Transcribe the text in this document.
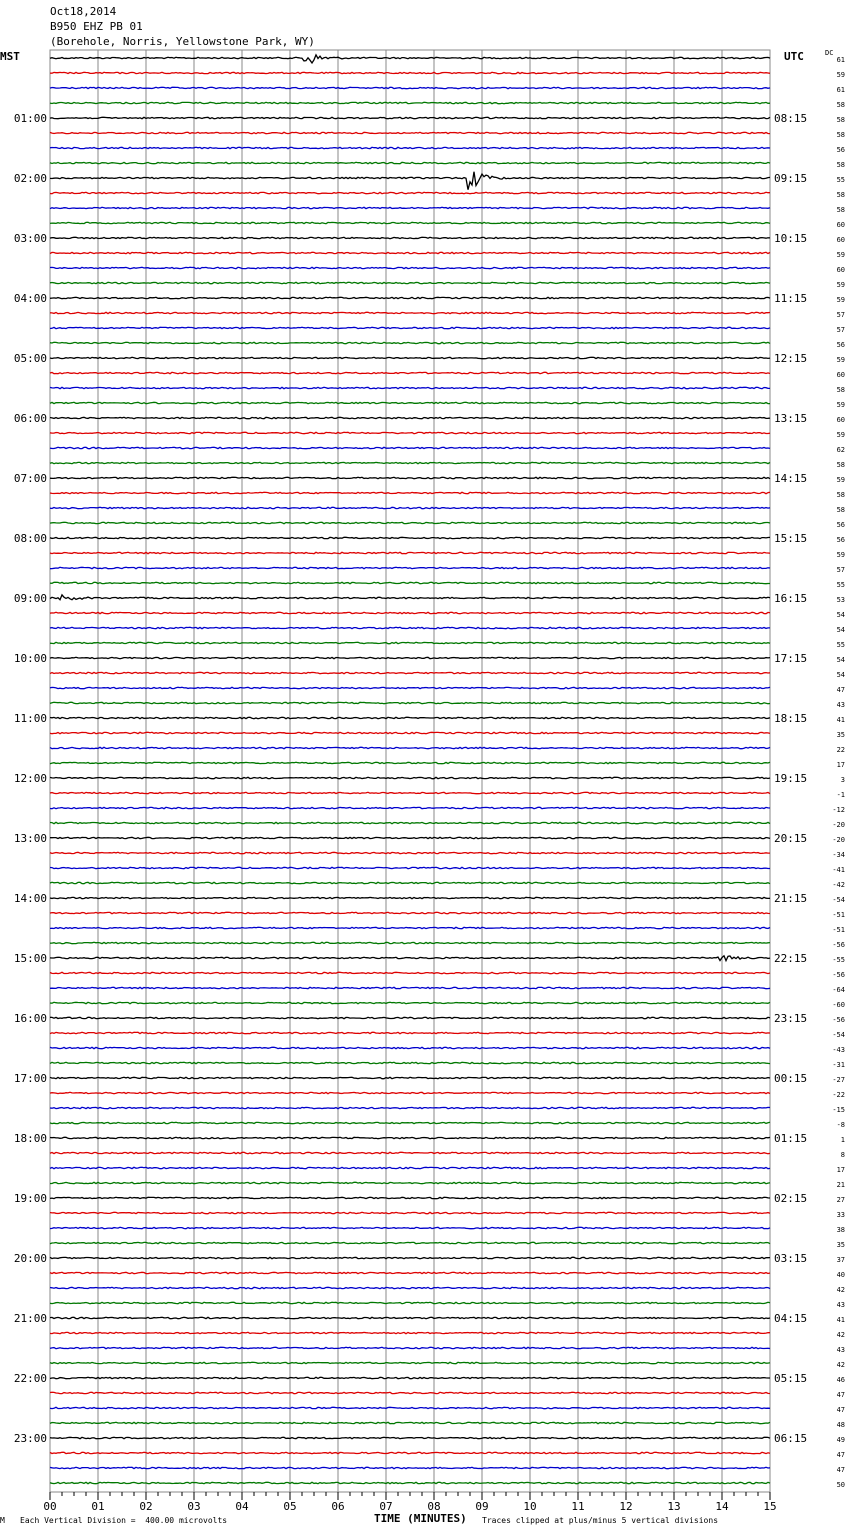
Oct18,2014
B950 EHZ PB 01
(Borehole, Norris, Yellowstone Park, WY)
MST	UTC	DC
61
59
61
58
58
58
56
58
55
58
58
60
60
59
60
59
59
57
57
56
59
60
58
59
60
59
62
58
59
58
58
56
56
59
57
55
53
54
54
55
54
54
47
43
41
35
22
17
3
-1
-12
-20
-20
-34
-41
-42
-54
-51
-51
-56
-55
-56
-64
-60
-56
-54
-43
-31
-27
-22
-15
-8
1
8
17
21
27
33
38
35
37
40
42
43
41
42
43
42
46
47
47
48
49
47
47
50
01:00
02:00
03:00
04:00
05:00
06:00
07:00
08:00
09:00
10:00
11:00
12:00
13:00
14:00
15:00
16:00
17:00
18:00
19:00
20:00
21:00
22:00
23:00
08:15
09:15
10:15
11:15
12:15
13:15
14:15
15:15
16:15
17:15
18:15
19:15
20:15
21:15
22:15
23:15
00:15
01:15
02:15
03:15
04:15
05:15
06:15
00	01	02	03	04	05	06	07	08	09	10	11	12	13	14	15
M Each Vertical Division =  400.00 microvolts	TIME (MINUTES) Traces clipped at plus/minus 5 vertical divisions
